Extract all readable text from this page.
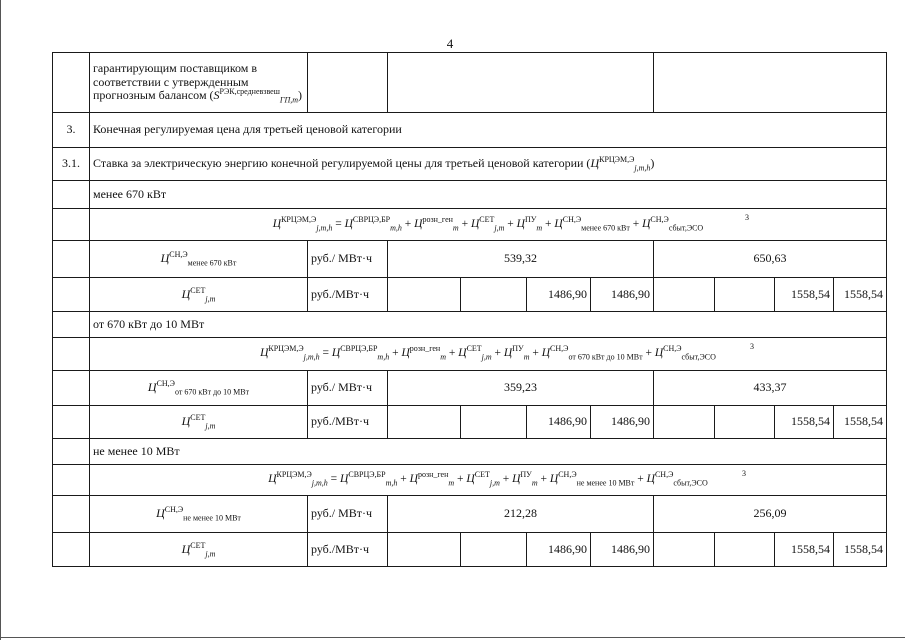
4

	гарантирующим поставщиком в
соответствии с утвержденным
прогнозным балансом $(S^{РЭК,средневзвеш}_{ГП,m})$									

3.	Конечная регулируемая цена для третьей ценовой категории									
3.1.	Ставка за электрическую энергию конечной регулируемой цены для третьей ценовой категории $(Ц^{КРЦЭМ,Э}_{j,m,h})$									
	менее 670 кВт									
	$Ц^{КРЦЭМ,Э}_{j,m,h} = Ц^{СВРЦЭ,БР}_{m,h} + Ц^{розн\_ген}_m + Ц^{СЕТ}_{j,m} + Ц^{ПУ}_m + Ц^{СН,Э}_{менее 670 кВт} + Ц^{СН,Э}_{сбыт,ЭСО}$
3									

	$Ц^{СН,Э}_{менее 670 кВт}$	руб./ МВт·ч	539,32				650,63			
	$Ц^{СЕТ}_{j,m}$	руб./МВт·ч			1486,90	1486,90			1558,54	1558,54
	от 670 кВт до 10 МВт									
	$Ц^{КРЦЭМ,Э}_{j,m,h} = Ц^{СВРЦЭ,БР}_{m,h} + Ц^{розн\_ген}_m + Ц^{СЕТ}_{j,m} + Ц^{ПУ}_m + Ц^{СН,Э}_{от 670 кВт до 10 МВт} + Ц^{СН,Э}_{сбыт,ЭСО}$
3									

	$Ц^{СН,Э}_{от 670 кВт до 10 МВт}$	руб./ МВт·ч	359,23				433,37			
	$Ц^{СЕТ}_{j,m}$	руб./МВт·ч			1486,90	1486,90			1558,54	1558,54
	не менее 10 МВт									
	$Ц^{КРЦЭМ,Э}_{j,m,h} = Ц^{СВРЦЭ,БР}_{m,h} + Ц^{розн\_ген}_m + Ц^{СЕТ}_{j,m} + Ц^{ПУ}_m + Ц^{СН,Э}_{не менее 10 МВт} + Ц^{СН,Э}_{сбыт,ЭСО}$
3									

	$Ц^{СН,Э}_{не менее 10 МВт}$	руб./ МВт·ч	212,28				256,09			
	$Ц^{СЕТ}_{j,m}$	руб./МВт·ч			1486,90	1486,90			1558,54	1558,54
